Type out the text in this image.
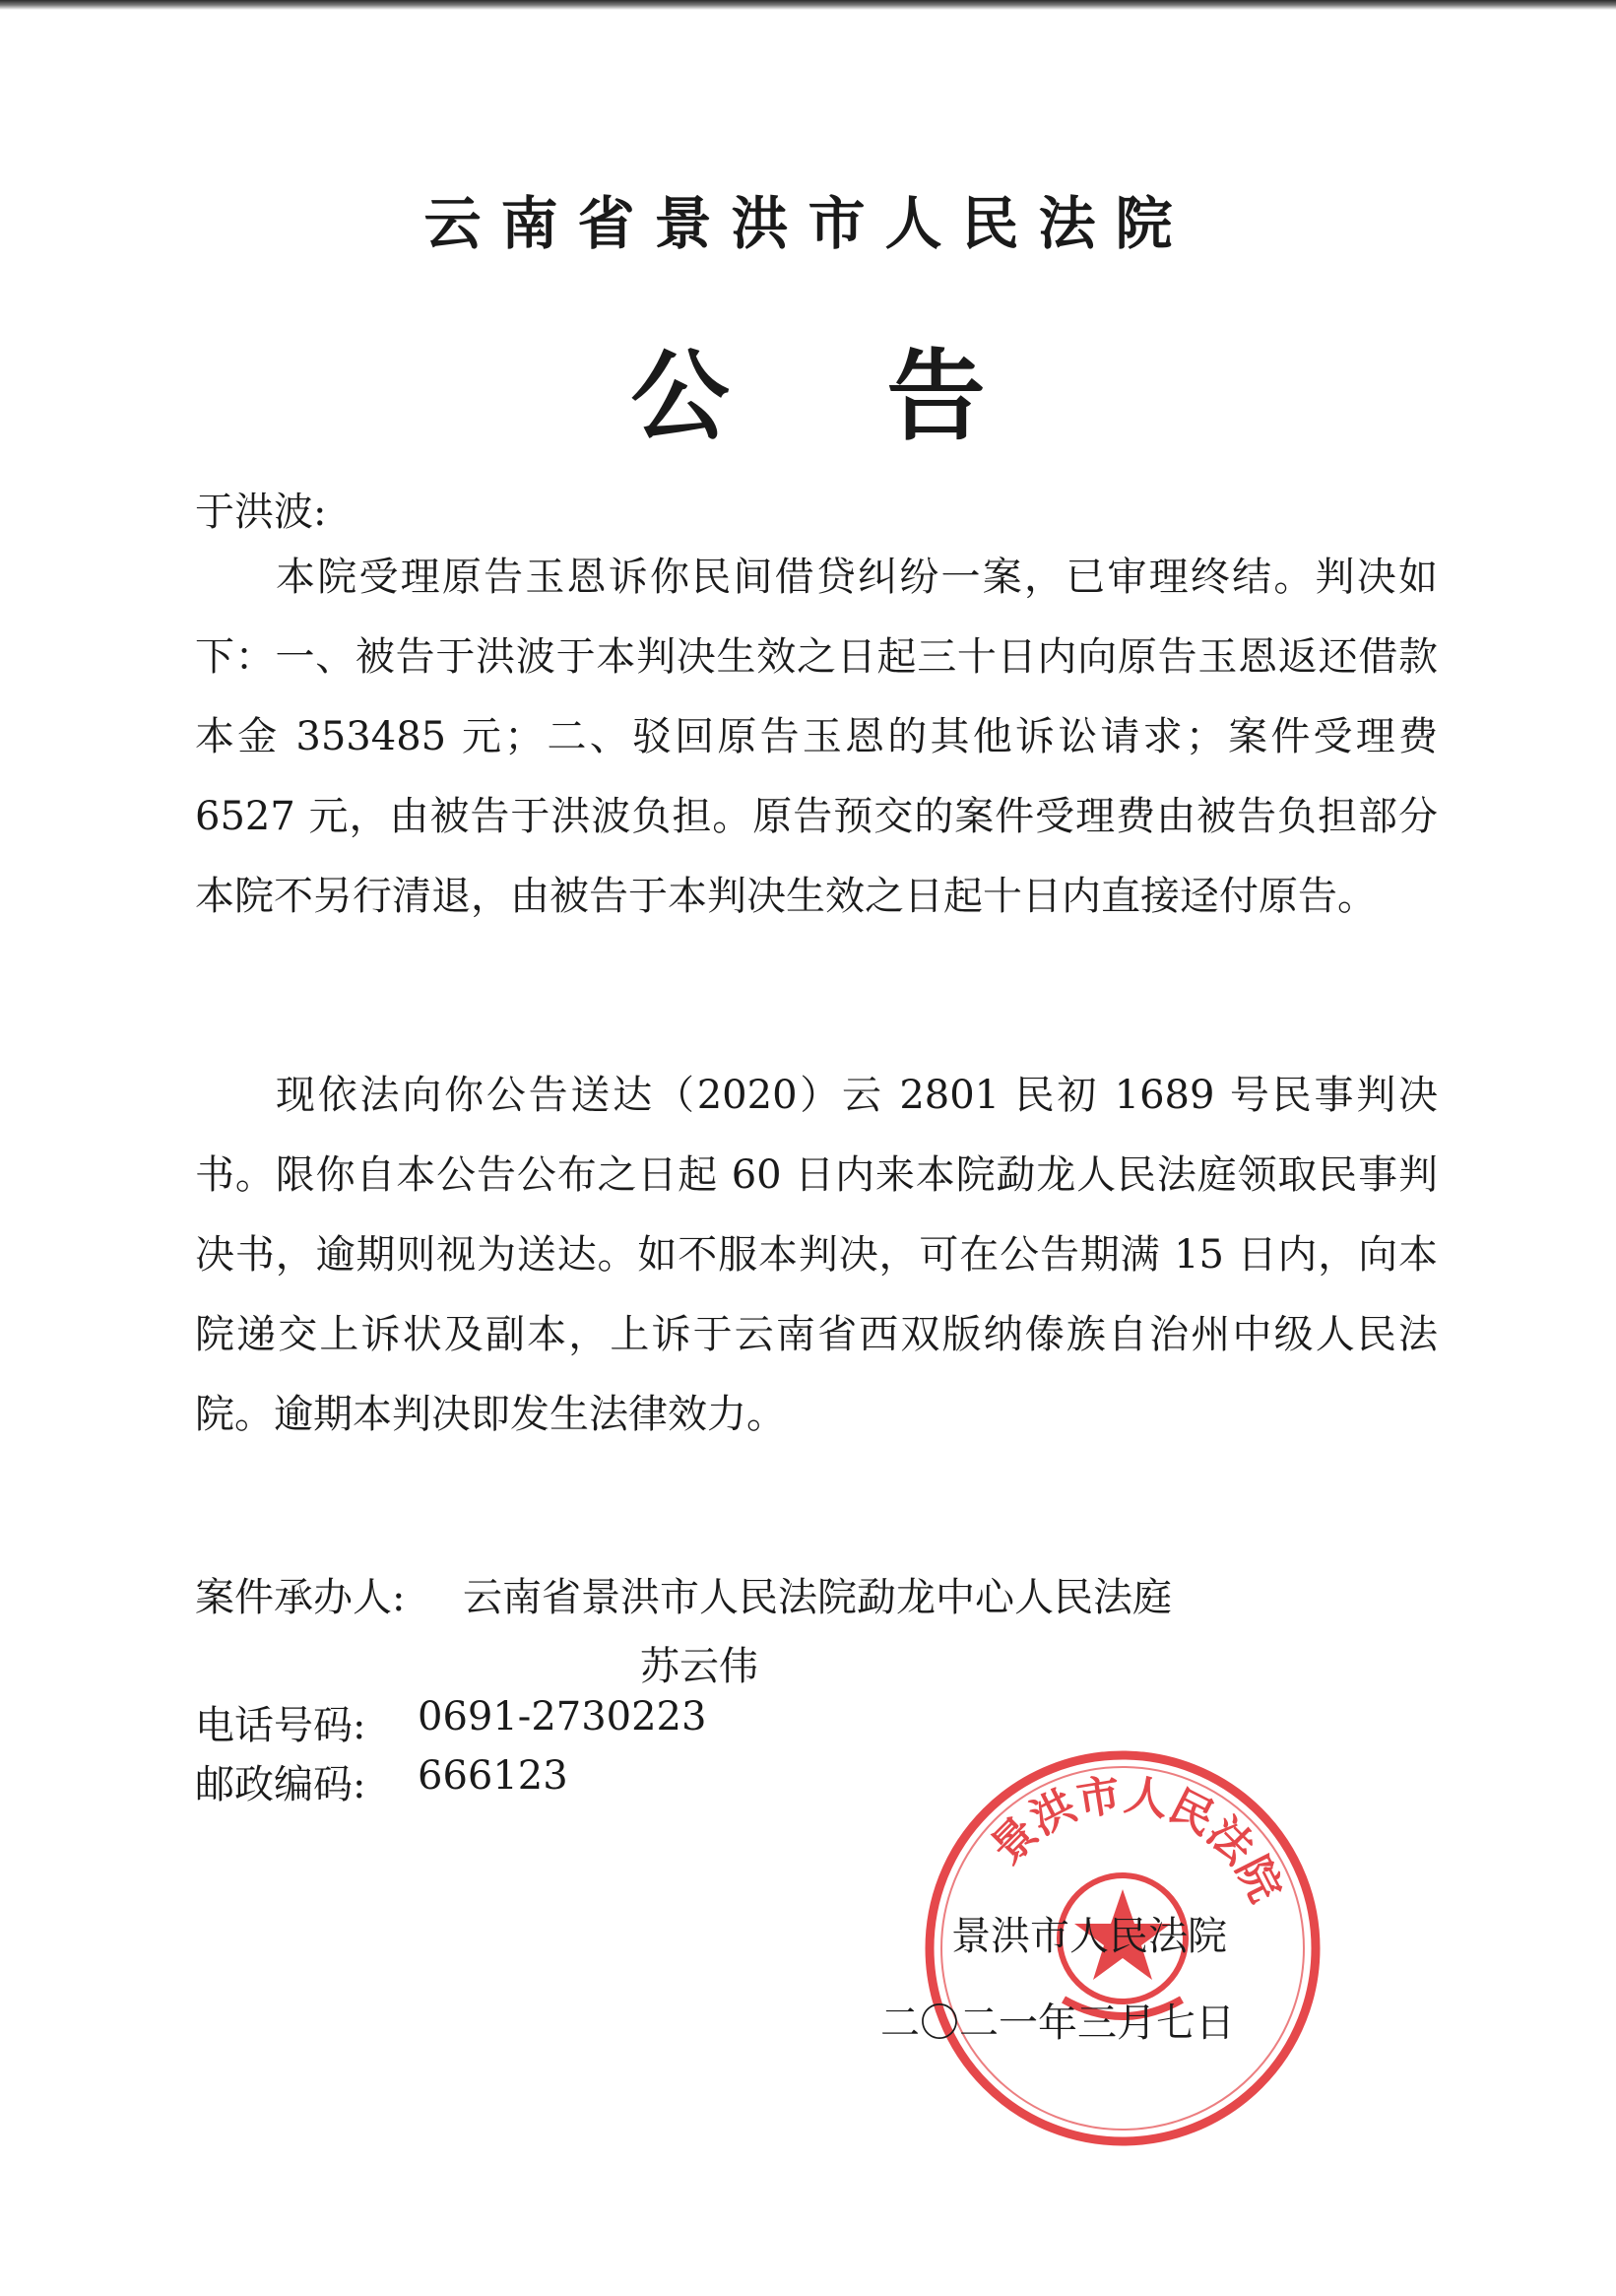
云南省景洪市人民法院
公告
于洪波:

本院受理原告玉恩诉你民间借贷纠纷一案，已审理终结。判决如下：一、被告于洪波于本判决生效之日起三十日内向原告玉恩返还借款本金 353485 元；二、驳回原告玉恩的其他诉讼请求；案件受理费 6527 元，由被告于洪波负担。原告预交的案件受理费由被告负担部分本院不另行清退，由被告于本判决生效之日起十日内直接迳付原告。

现依法向你公告送达（2020）云 2801 民初 1689 号民事判决书。限你自本公告公布之日起 60 日内来本院勐龙人民法庭领取民事判决书，逾期则视为送达。如不服本判决，可在公告期满 15 日内，向本院递交上诉状及副本，上诉于云南省西双版纳傣族自治州中级人民法院。逾期本判决即发生法律效力。

案件承办人: 云南省景洪市人民法院勐龙中心人民法庭
苏云伟
电话号码: 0691-2730223
邮政编码: 666123
景洪市人民法院
景洪市人民法院
二〇二一年三月七日
